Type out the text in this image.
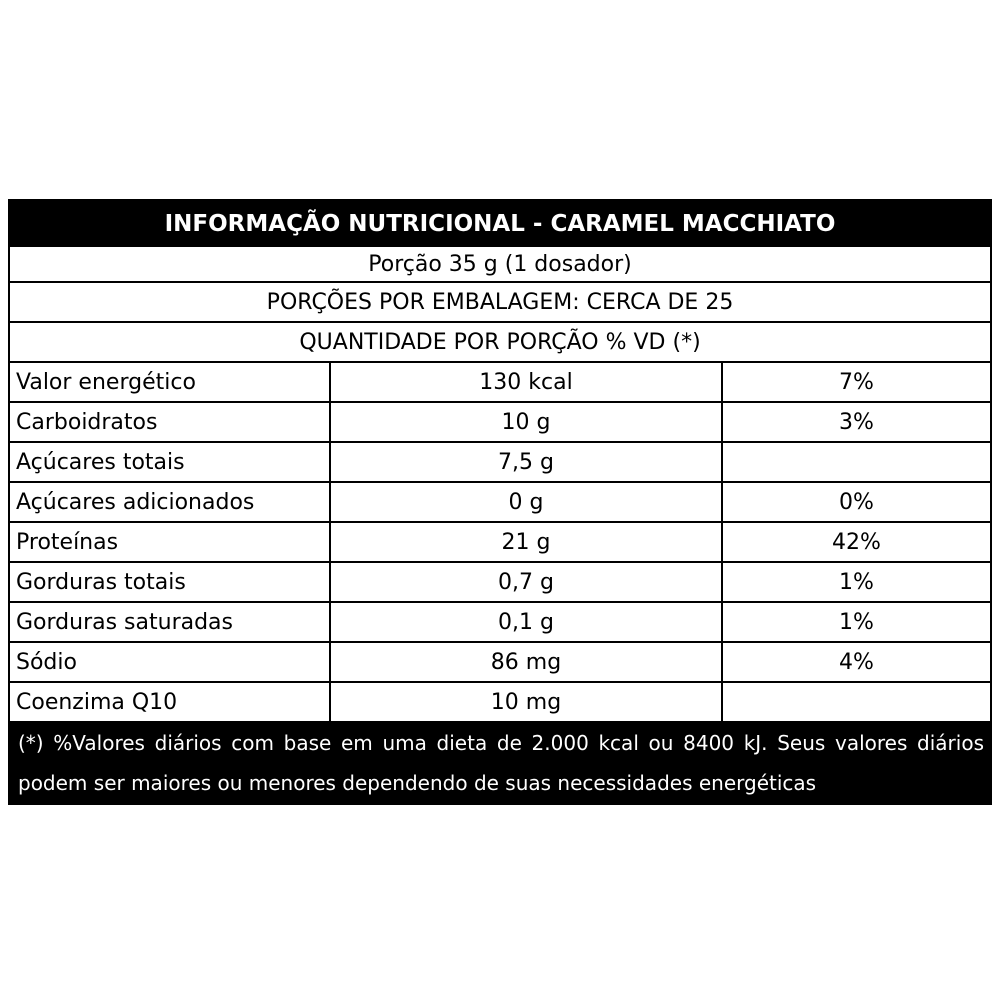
INFORMAÇÃO NUTRICIONAL - CARAMEL MACCHIATO
Porção 35 g (1 dosador)
PORÇÕES POR EMBALAGEM: CERCA DE 25
QUANTIDADE POR PORÇÃO % VD (*)
Valor energético	130 kcal	7%
Carboidratos	10 g	3%
Açúcares totais	7,5 g
Açúcares adicionados	0 g	0%
Proteínas	21 g	42%
Gorduras totais	0,7 g	1%
Gorduras saturadas	0,1 g	1%
Sódio	86 mg	4%
Coenzima Q10	10 mg
(*) %Valores diários com base em uma dieta de 2.000 kcal ou 8400 kJ. Seus valores diários podem ser maiores ou menores dependendo de suas necessidades energéticas
